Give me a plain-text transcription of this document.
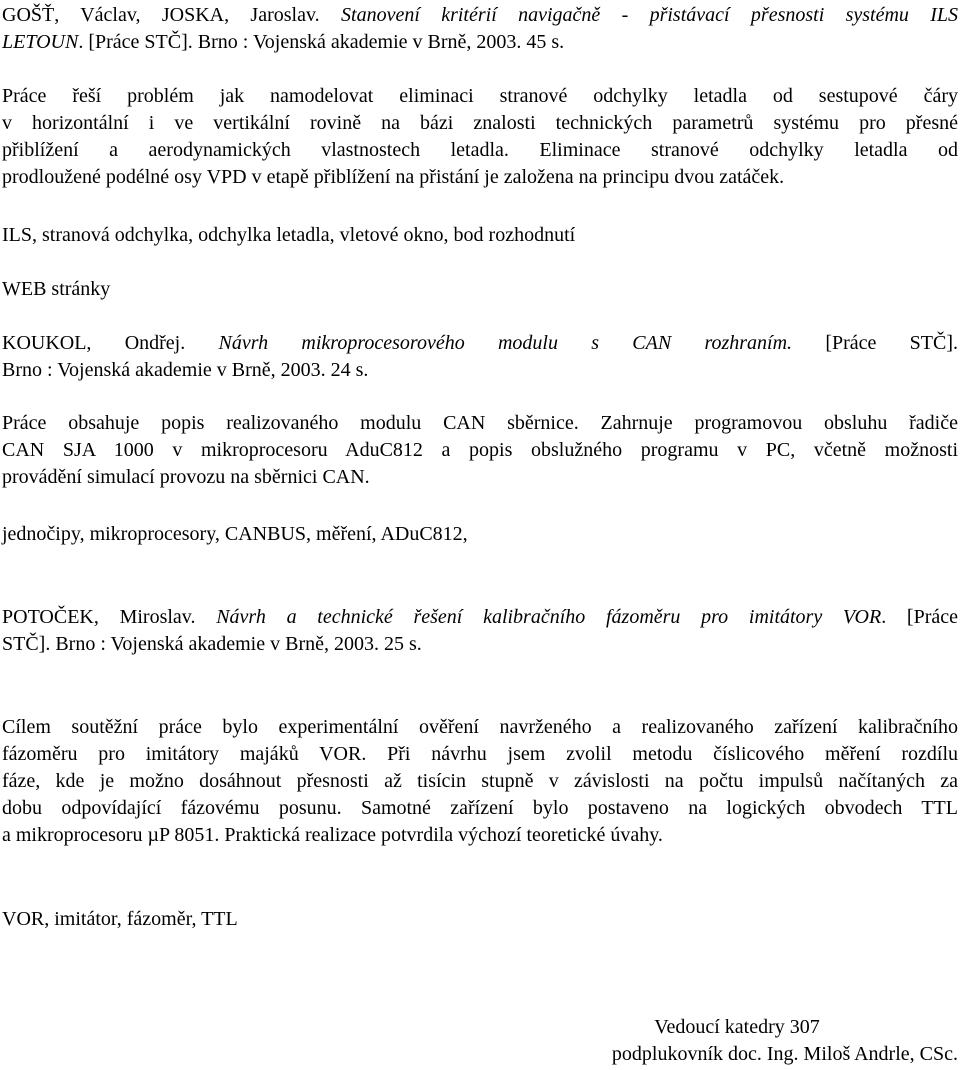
GOŠŤ, Václav, JOSKA, Jaroslav. Stanovení kritérií navigačně - přistávací přesnosti systému ILS
LETOUN. [Práce STČ]. Brno : Vojenská akademie v Brně, 2003. 45 s.
Práce řeší problém jak namodelovat eliminaci stranové odchylky letadla od sestupové čáry
v horizontální i ve vertikální rovině na bázi znalosti technických parametrů systému pro přesné
přiblížení a aerodynamických vlastnostech letadla. Eliminace stranové odchylky letadla od
prodloužené podélné osy VPD v etapě přiblížení na přistání je založena na principu dvou zatáček.
ILS, stranová odchylka, odchylka letadla, vletové okno, bod rozhodnutí
WEB stránky
KOUKOL, Ondřej. Návrh mikroprocesorového modulu s CAN rozhraním. [Práce STČ].
Brno : Vojenská akademie v Brně, 2003. 24 s.
Práce obsahuje popis realizovaného modulu CAN sběrnice. Zahrnuje programovou obsluhu řadiče
CAN SJA 1000 v mikroprocesoru AduC812 a popis obslužného programu v PC, včetně možnosti
provádění simulací provozu na sběrnici CAN.
jednočipy, mikroprocesory, CANBUS, měření, ADuC812,
POTOČEK, Miroslav. Návrh a technické řešení kalibračního fázoměru pro imitátory VOR. [Práce
STČ]. Brno : Vojenská akademie v Brně, 2003. 25 s.
Cílem soutěžní práce bylo experimentální ověření navrženého a realizovaného zařízení kalibračního
fázoměru pro imitátory majáků VOR. Při návrhu jsem zvolil metodu číslicového měření rozdílu
fáze, kde je možno dosáhnout přesnosti až tisícin stupně v závislosti na počtu impulsů načítaných za
dobu odpovídající fázovému posunu. Samotné zařízení bylo postaveno na logických obvodech TTL
a mikroprocesoru µP 8051. Praktická realizace potvrdila výchozí teoretické úvahy.
VOR, imitátor, fázoměr, TTL
Vedoucí katedry 307
podplukovník doc. Ing. Miloš Andrle, CSc.
